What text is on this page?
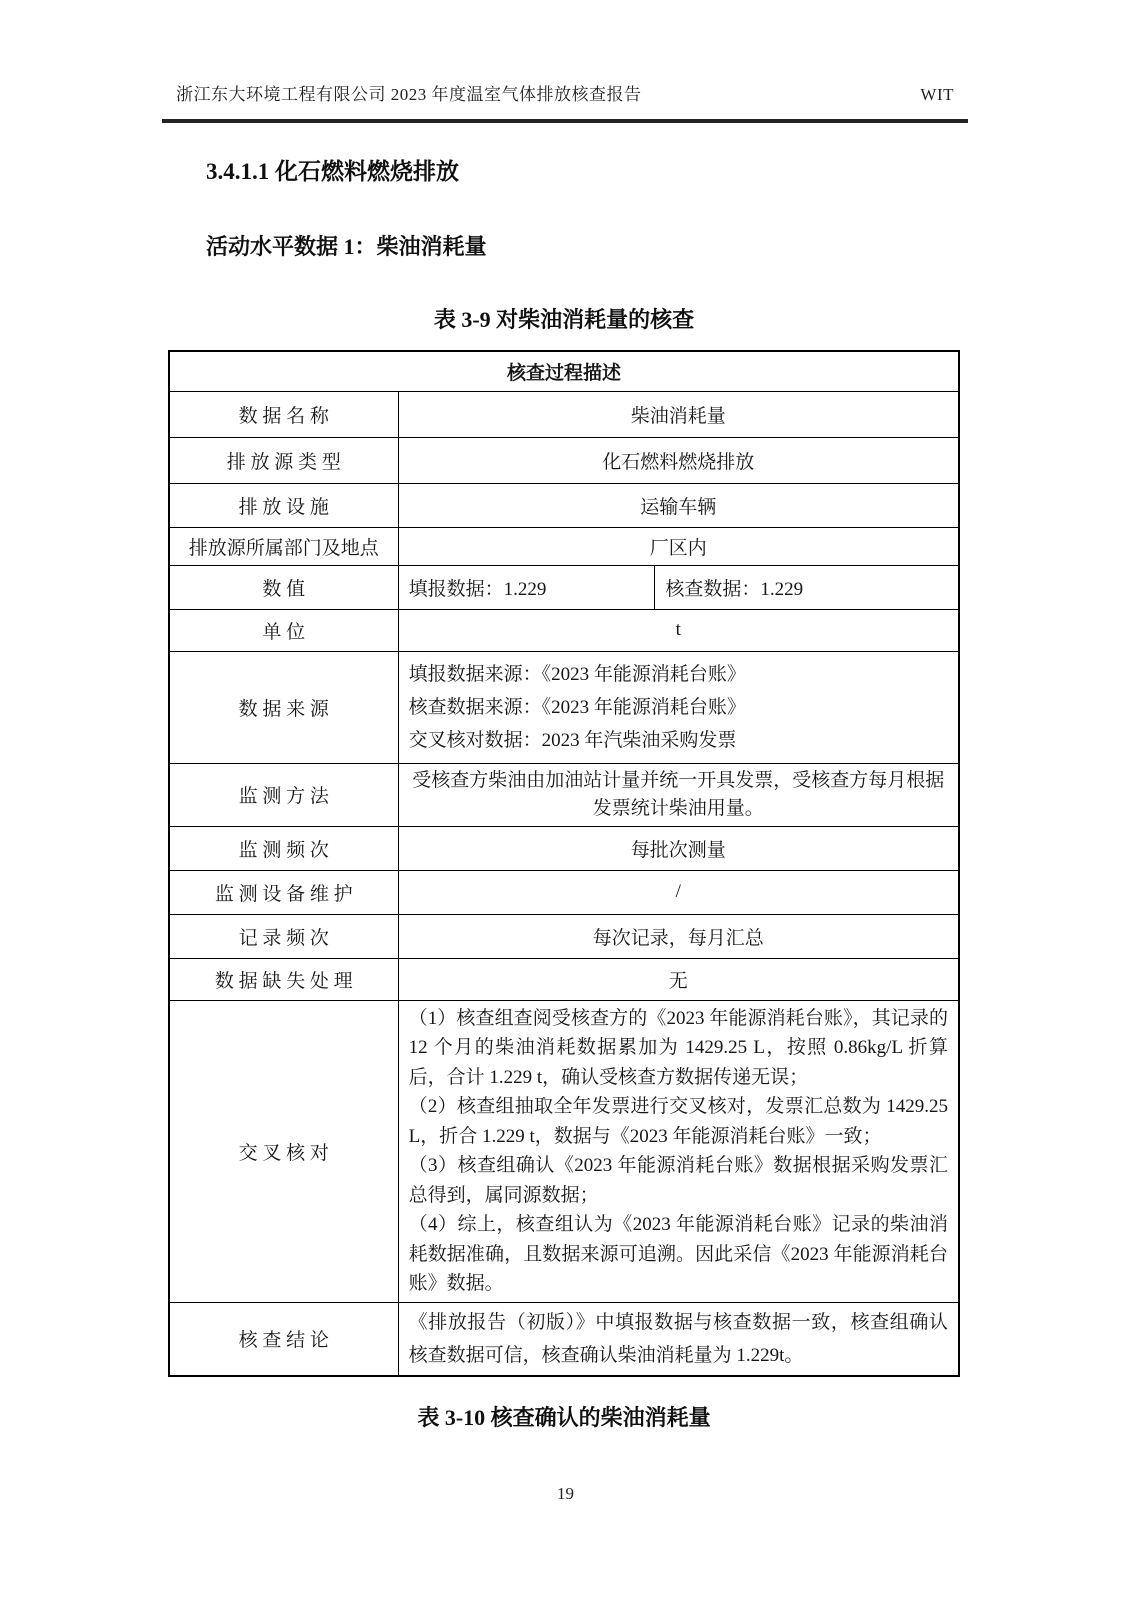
浙江东大环境工程有限公司 2023 年度温室气体排放核查报告	WIT
3.4.1.1 化石燃料燃烧排放
活动水平数据 1：柴油消耗量
表 3-9 对柴油消耗量的核查
核查过程描述		
数 据 名 称	柴油消耗量	
排 放 源 类 型	化石燃料燃烧排放	
排 放 设 施	运输车辆	
排放源所属部门及地点	厂区内	
数 值	填报数据：1.229	核查数据：1.229
单 位	t	
数 据 来 源	填报数据来源：《2023 年能源消耗台账》

核查数据来源：《2023 年能源消耗台账》

交叉核对数据：2023 年汽柴油采购发票	

监 测 方 法	受核查方柴油由加油站计量并统一开具发票，受核查方每月根据发票统计柴油用量。	
监 测 频 次	每批次测量	
监 测 设 备 维 护	/	
记 录 频 次	每次记录，每月汇总	
数 据 缺 失 处 理	无	
交 叉 核 对	（1）核查组查阅受核查方的《2023 年能源消耗台账》，其记录的 12 个月的柴油消耗数据累加为 1429.25 L，按照 0.86kg/L 折算后，合计 1.229 t，确认受核查方数据传递无误；

（2）核查组抽取全年发票进行交叉核对，发票汇总数为 1429.25 L，折合 1.229 t，数据与《2023 年能源消耗台账》一致；

（3）核查组确认《2023 年能源消耗台账》数据根据采购发票汇总得到，属同源数据；

（4）综上，核查组认为《2023 年能源消耗台账》记录的柴油消耗数据准确，且数据来源可追溯。因此采信《2023 年能源消耗台账》数据。	

核 查 结 论	《排放报告（初版）》中填报数据与核查数据一致，核查组确认核查数据可信，核查确认柴油消耗量为 1.229t。	

表 3-10 核查确认的柴油消耗量
19
